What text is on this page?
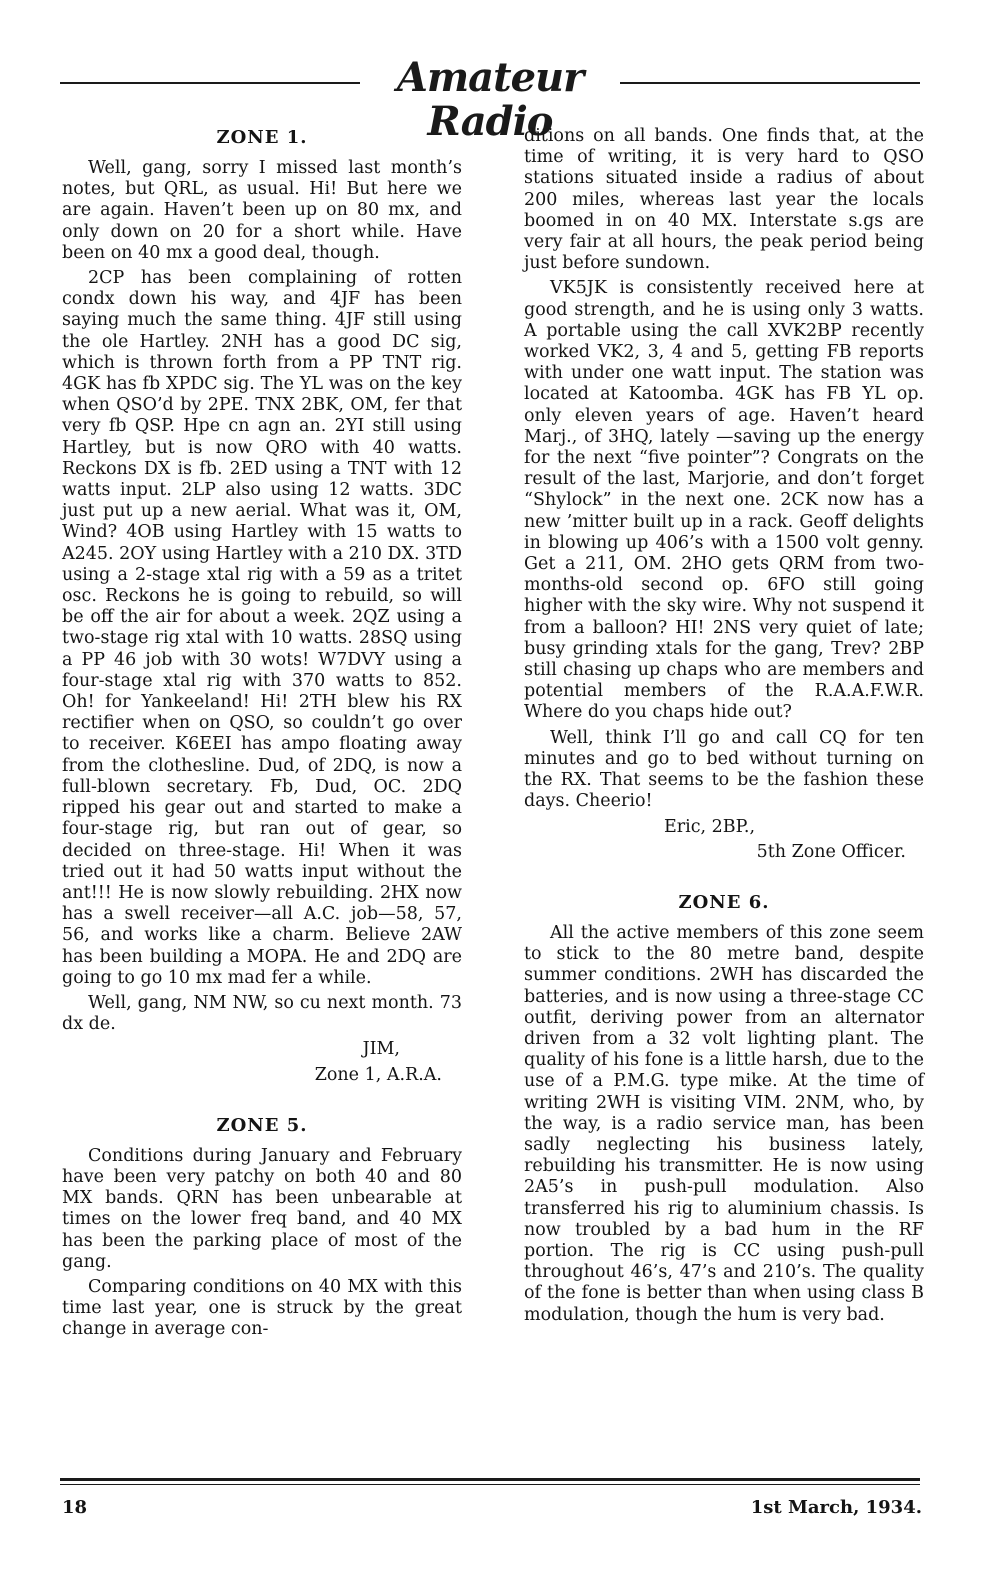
Amateur Radio
ZONE 1.

Well, gang, sorry I missed last month’s notes, but QRL, as usual. Hi! But here we are again. Haven’t been up on 80 mx, and only down on 20 for a short while. Have been on 40 mx a good deal, though.

2CP has been complaining of rotten condx down his way, and 4JF has been saying much the same thing. 4JF still using the ole Hartley. 2NH has a good DC sig, which is thrown forth from a PP TNT rig. 4GK has fb XPDC sig. The YL was on the key when QSO’d by 2PE. TNX 2BK, OM, fer that very fb QSP. Hpe cn agn an. 2YI still using Hartley, but is now QRO with 40 watts. Reckons DX is fb. 2ED using a TNT with 12 watts input. 2LP also using 12 watts. 3DC just put up a new aerial. What was it, OM, Wind? 4OB using Hartley with 15 watts to A245. 2OY using Hartley with a 210 DX. 3TD using a 2-stage xtal rig with a 59 as a tritet osc. Reckons he is going to rebuild, so will be off the air for about a week. 2QZ using a two-stage rig xtal with 10 watts. 28SQ using a PP 46 job with 30 wots! W7DVY using a four-stage xtal rig with 370 watts to 852. Oh! for Yankeeland! Hi! 2TH blew his RX rectifier when on QSO, so couldn’t go over to receiver. K6EEI has ampo floating away from the clothesline. Dud, of 2DQ, is now a full-blown secretary. Fb, Dud, OC. 2DQ ripped his gear out and started to make a four-stage rig, but ran out of gear, so decided on three-stage. Hi! When it was tried out it had 50 watts input without the ant!!! He is now slowly rebuilding. 2HX now has a swell receiver—all A.C. job—58, 57, 56, and works like a charm. Believe 2AW has been building a MOPA. He and 2DQ are going to go 10 mx mad fer a while.

Well, gang, NM NW, so cu next month. 73 dx de.

JIM,

Zone 1, A.R.A.

ZONE 5.

Conditions during January and February have been very patchy on both 40 and 80 MX bands. QRN has been unbearable at times on the lower freq band, and 40 MX has been the parking place of most of the gang.

Comparing conditions on 40 MX with this time last year, one is struck by the great change in average con-

ditions on all bands. One finds that, at the time of writing, it is very hard to QSO stations situated inside a radius of about 200 miles, whereas last year the locals boomed in on 40 MX. Interstate s.gs are very fair at all hours, the peak period being just before sundown.

VK5JK is consistently received here at good strength, and he is using only 3 watts. A portable using the call XVK2BP recently worked VK2, 3, 4 and 5, getting FB reports with under one watt input. The station was located at Katoomba. 4GK has FB YL op. only eleven years of age. Haven’t heard Marj., of 3HQ, lately —saving up the energy for the next “five pointer”? Congrats on the result of the last, Marjorie, and don’t forget “Shylock” in the next one. 2CK now has a new ’mitter built up in a rack. Geoff delights in blowing up 406’s with a 1500 volt genny. Get a 211, OM. 2HO gets QRM from two-months-old second op. 6FO still going higher with the sky wire. Why not suspend it from a balloon? HI! 2NS very quiet of late; busy grinding xtals for the gang, Trev? 2BP still chasing up chaps who are members and potential members of the R.A.A.F.W.R. Where do you chaps hide out?

Well, think I’ll go and call CQ for ten minutes and go to bed without turning on the RX. That seems to be the fashion these days. Cheerio!

Eric, 2BP.,

5th Zone Officer.

ZONE 6.

All the active members of this zone seem to stick to the 80 metre band, despite summer conditions. 2WH has discarded the batteries, and is now using a three-stage CC outfit, deriving power from an alternator driven from a 32 volt lighting plant. The quality of his fone is a little harsh, due to the use of a P.M.G. type mike. At the time of writing 2WH is visiting VIM. 2NM, who, by the way, is a radio service man, has been sadly neglecting his business lately, rebuilding his transmitter. He is now using 2A5’s in push-pull modulation. Also transferred his rig to aluminium chassis. Is now troubled by a bad hum in the RF portion. The rig is CC using push-pull throughout 46’s, 47’s and 210’s. The quality of the fone is better than when using class B modulation, though the hum is very bad.

18	1st March, 1934.
